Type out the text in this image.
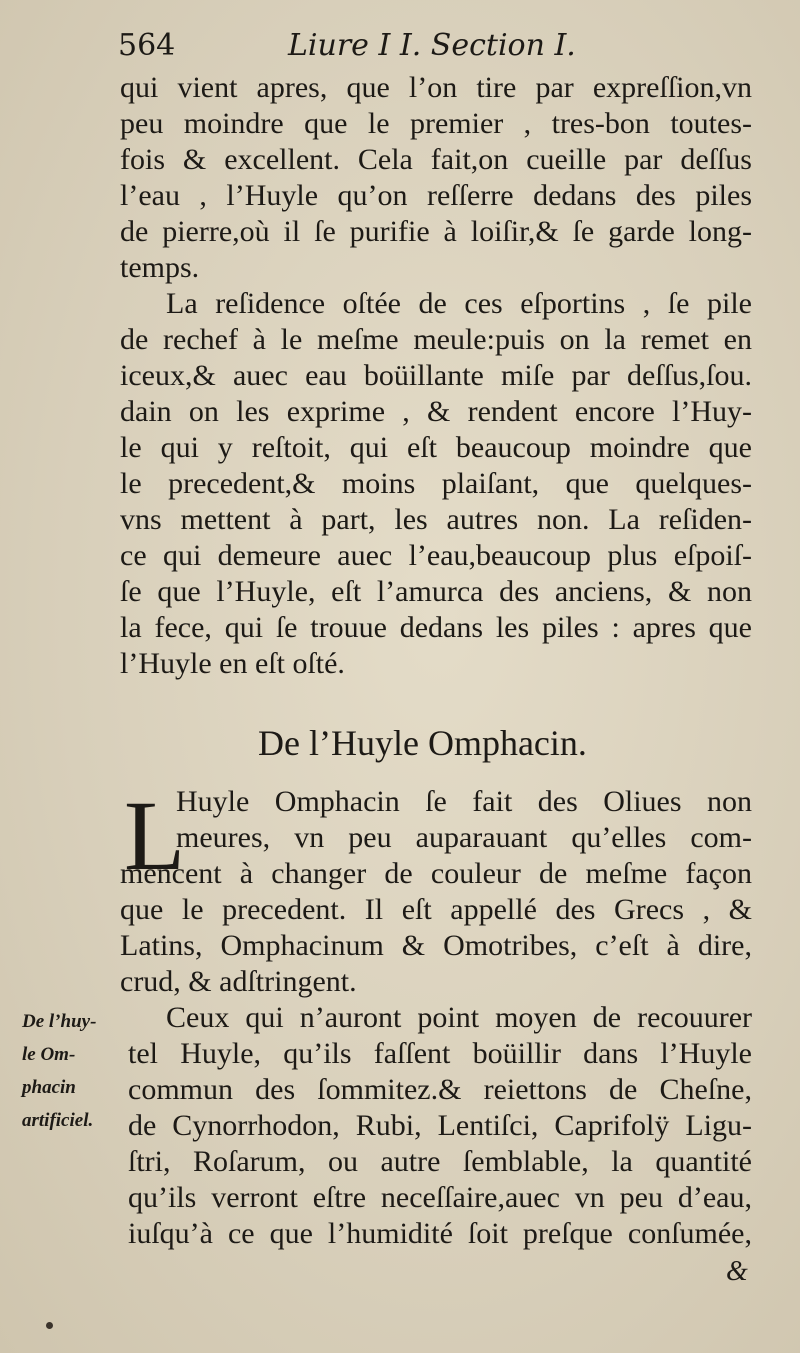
564	Liure I I. Section I.
qui vient apres, que l’on tire par expreſſion,vn
peu moindre que le premier , tres-bon toutes-
fois & excellent. Cela fait,on cueille par deſſus
l’eau , l’Huyle qu’on reſſerre dedans des piles
de pierre,où il ſe purifie à loiſir,& ſe garde long-
temps.
La reſidence oſtée de ces eſportins , ſe pile
de rechef à le meſme meule:puis on la remet en
iceux,& auec eau boüillante miſe par deſſus,ſou.
dain on les exprime , & rendent encore l’Huy-
le qui y reſtoit, qui eſt beaucoup moindre que
le precedent,& moins plaiſant, que quelques-
vns mettent à part, les autres non. La reſiden-
ce qui demeure auec l’eau,beaucoup plus eſpoiſ-
ſe que l’Huyle, eſt l’amurca des anciens, & non
la fece, qui ſe trouue dedans les piles : apres que
l’Huyle en eſt oſté.
De l’Huyle Omphacin.
L
Huyle Omphacin ſe fait des Oliues non
meures, vn peu auparauant qu’elles com-
mencent à changer de couleur de meſme façon
que le precedent. Il eſt appellé des Grecs , &
Latins, Omphacinum & Omotribes, c’eſt à dire,
crud, & adſtringent.
De l’huy-
le Om-
phacin
artificiel.
Ceux qui n’auront point moyen de recouurer
tel Huyle, qu’ils faſſent boüillir dans l’Huyle
commun des ſommitez.& reiettons de Cheſne,
de Cynorrhodon, Rubi, Lentiſci, Caprifolÿ Ligu-
ſtri, Roſarum, ou autre ſemblable, la quantité
qu’ils verront eſtre neceſſaire,auec vn peu d’eau,
iuſqu’à ce que l’humidité ſoit preſque conſumée,
&
